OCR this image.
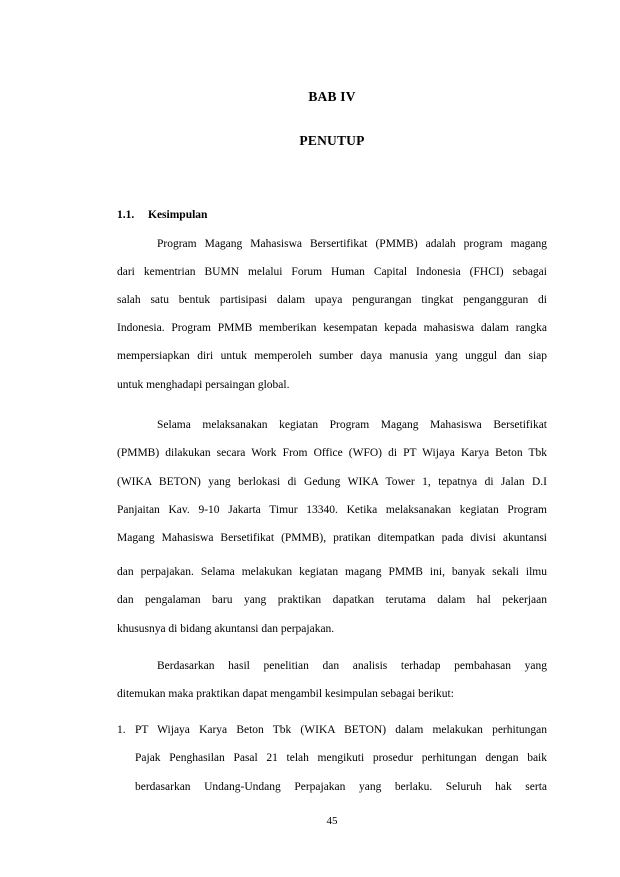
BAB IV
PENUTUP
1.1. Kesimpulan
Program Magang Mahasiswa Bersertifikat (PMMB) adalah program magang
dari kementrian BUMN melalui Forum Human Capital Indonesia (FHCI) sebagai
salah satu bentuk partisipasi dalam upaya pengurangan tingkat pengangguran di
Indonesia. Program PMMB memberikan kesempatan kepada mahasiswa dalam rangka
mempersiapkan diri untuk memperoleh sumber daya manusia yang unggul dan siap
untuk menghadapi persaingan global.
Selama melaksanakan kegiatan Program Magang Mahasiswa Bersetifikat
(PMMB) dilakukan secara Work From Office (WFO) di PT Wijaya Karya Beton Tbk
(WIKA BETON) yang berlokasi di Gedung WIKA Tower 1, tepatnya di Jalan D.I
Panjaitan Kav. 9-10 Jakarta Timur 13340. Ketika melaksanakan kegiatan Program
Magang Mahasiswa Bersetifikat (PMMB), pratikan ditempatkan pada divisi akuntansi
dan perpajakan. Selama melakukan kegiatan magang PMMB ini, banyak sekali ilmu
dan pengalaman baru yang praktikan dapatkan terutama dalam hal pekerjaan
khususnya di bidang akuntansi dan perpajakan.
Berdasarkan hasil penelitian dan analisis terhadap pembahasan yang
ditemukan maka praktikan dapat mengambil kesimpulan sebagai berikut:
1. PT Wijaya Karya Beton Tbk (WIKA BETON) dalam melakukan perhitungan
Pajak Penghasilan Pasal 21 telah mengikuti prosedur perhitungan dengan baik
berdasarkan Undang-Undang Perpajakan yang berlaku. Seluruh hak serta
45
